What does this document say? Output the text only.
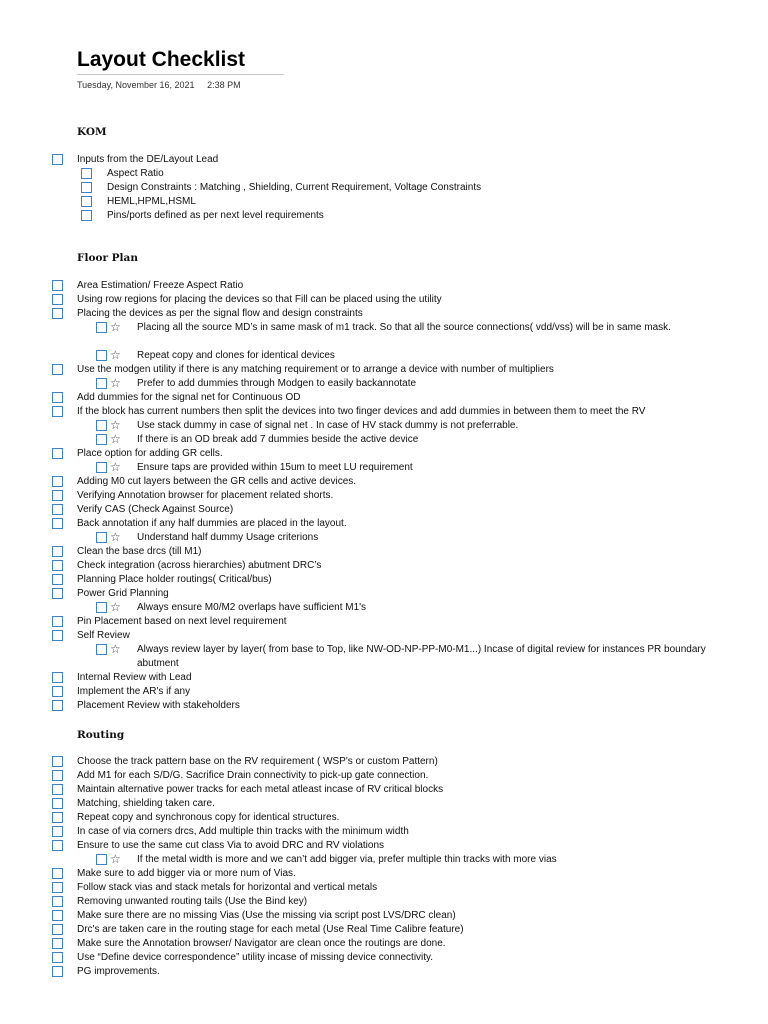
Layout Checklist
Tuesday, November 16, 2021 2:38 PM
KOM
Inputs from the DE/Layout Lead
Aspect Ratio
Design Constraints : Matching , Shielding, Current Requirement, Voltage Constraints
HEML,HPML,HSML
Pins/ports defined as per next level requirements
Floor Plan
Area Estimation/ Freeze Aspect Ratio
Using row regions for placing the devices so that Fill can be placed using the utility
Placing the devices as per the signal flow and design constraints
☆ Placing all the source MD’s in same mask of m1 track. So that all the source connections( vdd/vss) will be in same mask.
☆ Repeat copy and clones for identical devices
Use the modgen utility if there is any matching requirement or to arrange a device with number of multipliers
☆ Prefer to add dummies through Modgen to easily backannotate
Add dummies for the signal net for Continuous OD
If the block has current numbers then split the devices into two finger devices and add dummies in between them to meet the RV
☆ Use stack dummy in case of signal net . In case of HV stack dummy is not preferrable.
☆ If there is an OD break add 7 dummies beside the active device
Place option for adding GR cells.
☆ Ensure taps are provided within 15um to meet LU requirement
Adding M0 cut layers between the GR cells and active devices.
Verifying Annotation browser for placement related shorts.
Verify CAS (Check Against Source)
Back annotation if any half dummies are placed in the layout.
☆ Understand half dummy Usage criterions
Clean the base drcs (till M1)
Check integration (across hierarchies) abutment DRC’s
Planning Place holder routings( Critical/bus)
Power Grid Planning
☆ Always ensure M0/M2 overlaps have sufficient M1's
Pin Placement based on next level requirement
Self Review
☆ Always review layer by layer( from base to Top, like NW-OD-NP-PP-M0-M1...) Incase of digital review for instances PR boundary abutment
Internal Review with Lead
Implement the AR's if any
Placement Review with stakeholders
Routing
Choose the track pattern base on the RV requirement ( WSP's or custom Pattern)
Add M1 for each S/D/G. Sacrifice Drain connectivity to pick-up gate connection.
Maintain alternative power tracks for each metal atleast incase of RV critical blocks
Matching, shielding taken care.
Repeat copy and synchronous copy for identical structures.
In case of via corners drcs, Add multiple thin tracks with the minimum width
Ensure to use the same cut class Via to avoid DRC and RV violations
☆ If the metal width is more and we can’t add bigger via, prefer multiple thin tracks with more vias
Make sure to add bigger via or more num of Vias.
Follow stack vias and stack metals for horizontal and vertical metals
Removing unwanted routing tails (Use the Bind key)
Make sure there are no missing Vias (Use the missing via script post LVS/DRC clean)
Drc's are taken care in the routing stage for each metal (Use Real Time Calibre feature)
Make sure the Annotation browser/ Navigator are clean once the routings are done.
Use “Define device correspondence” utility incase of missing device connectivity.
PG improvements.
